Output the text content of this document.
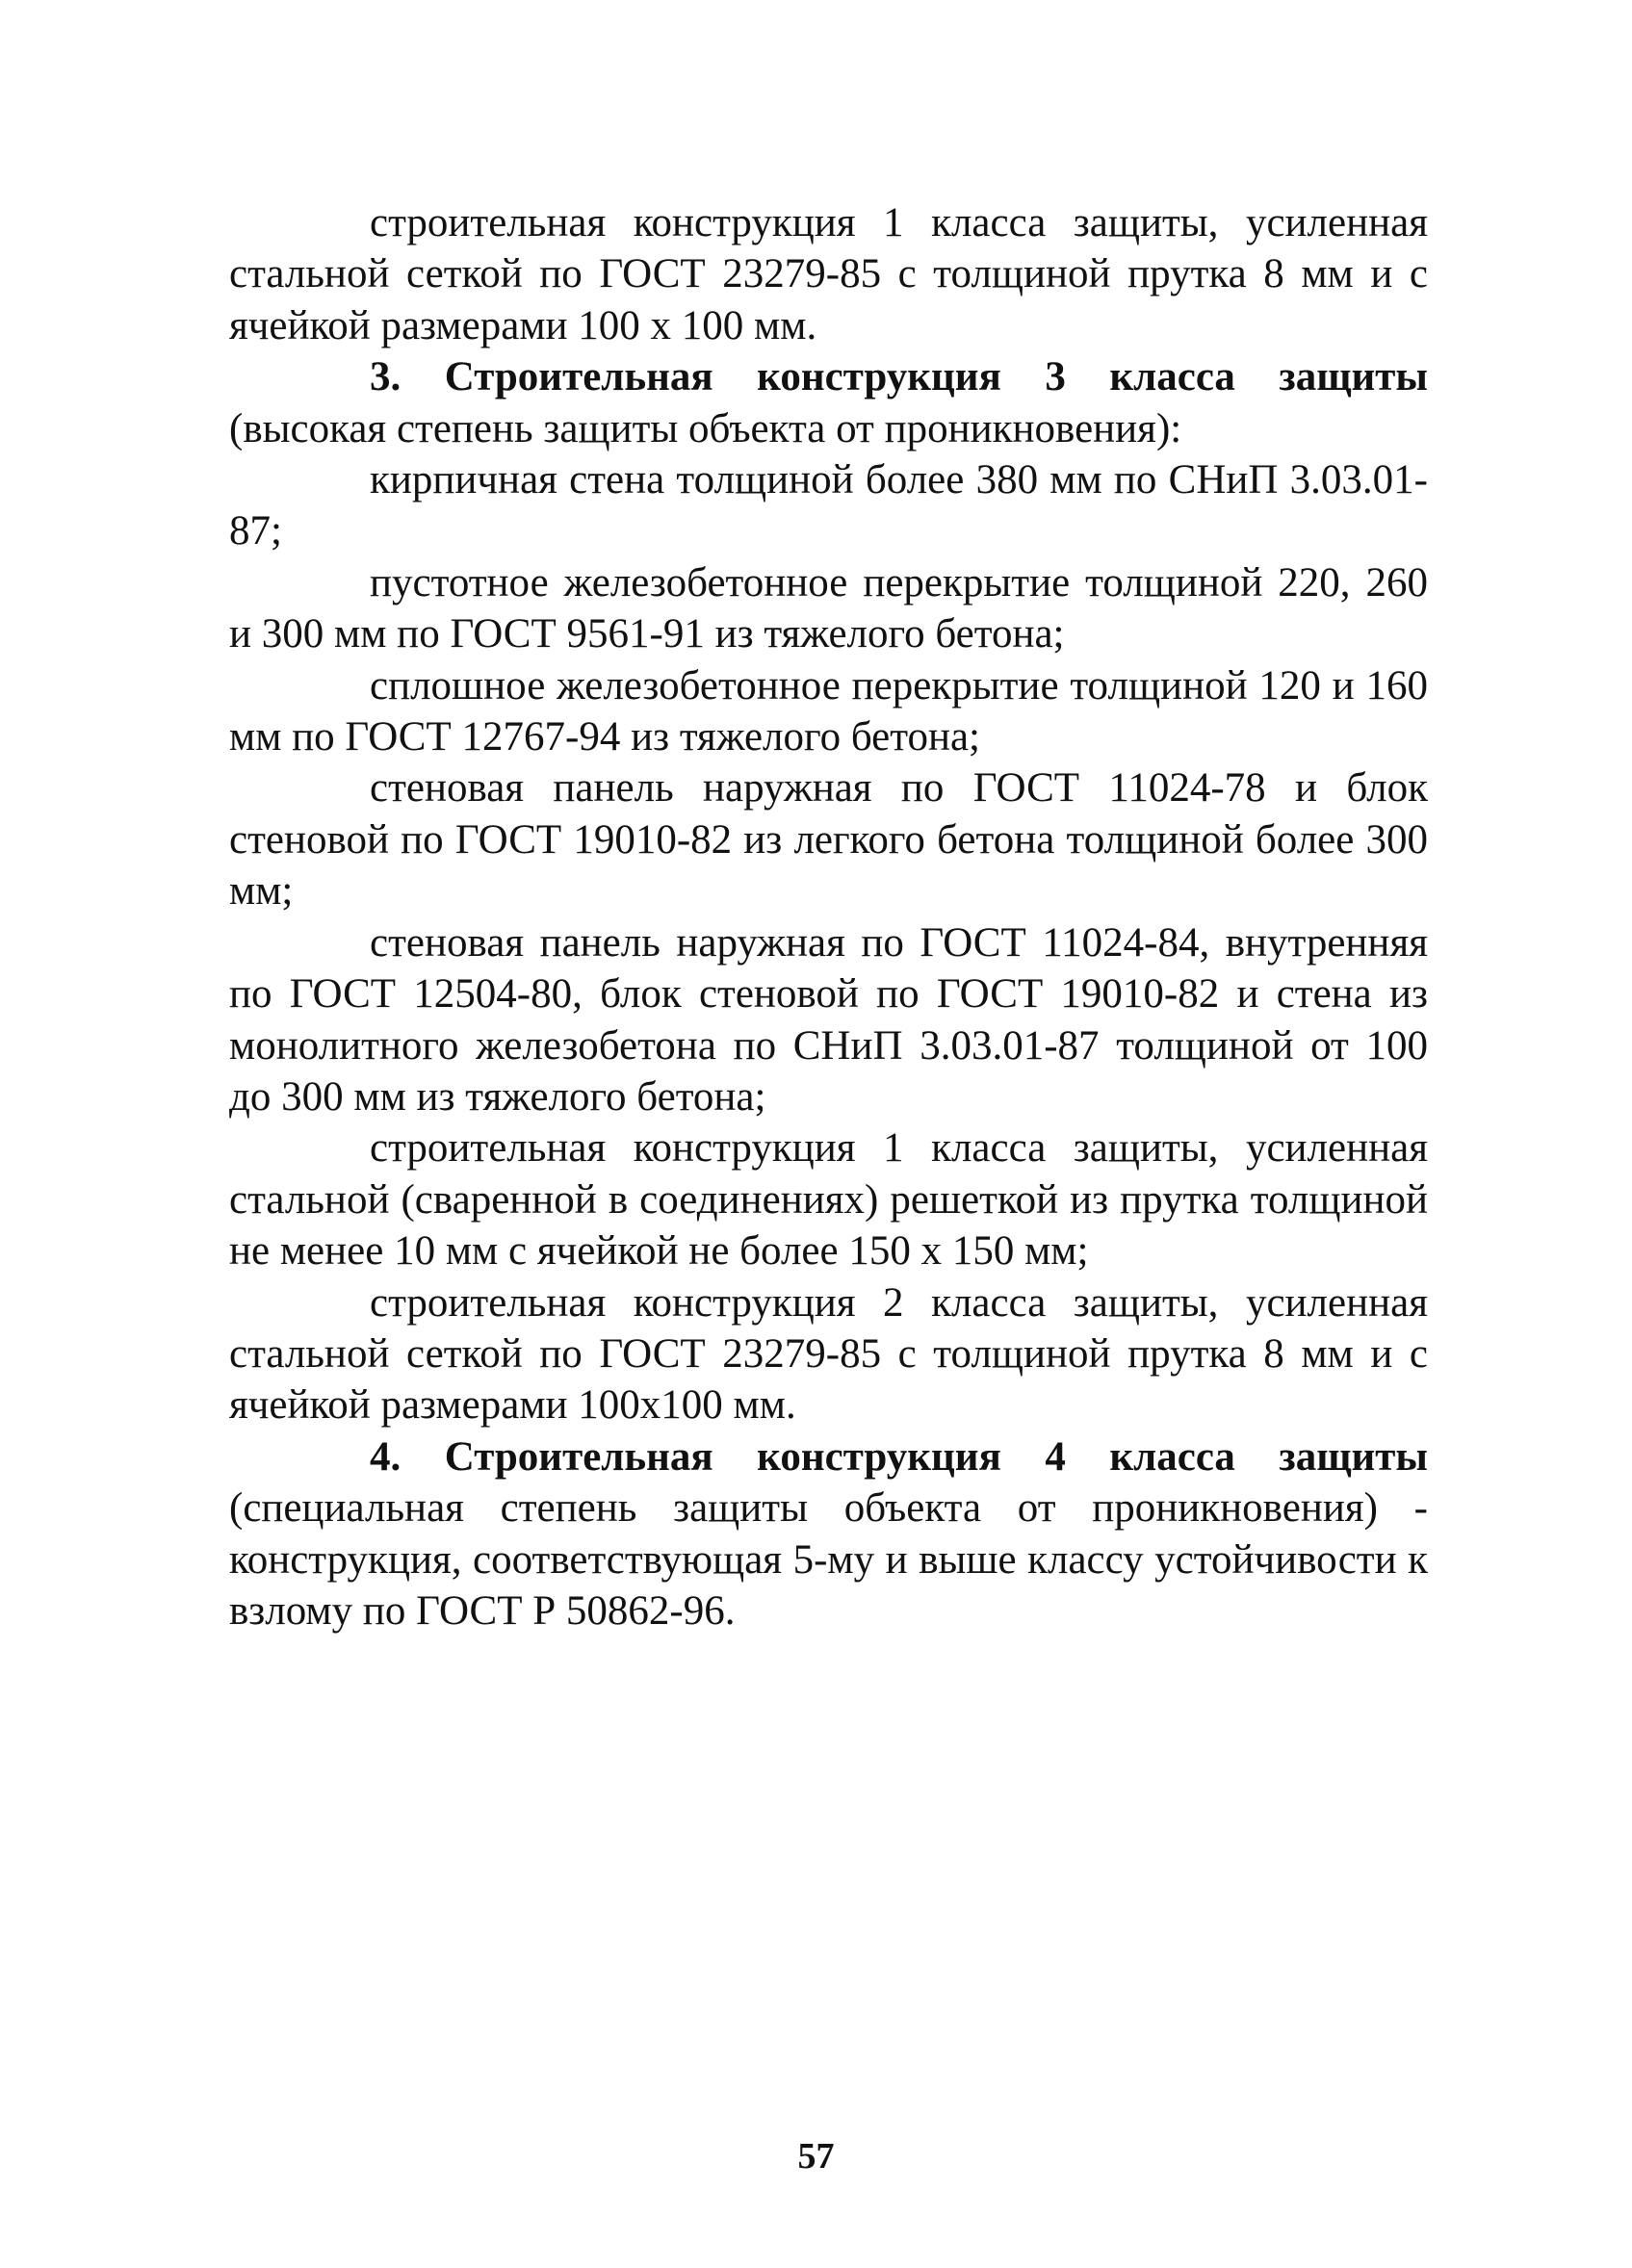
строительная конструкция 1 класса защиты, усиленная стальной сеткой по ГОСТ 23279-85 с толщиной прутка 8 мм и с ячейкой размерами 100 х 100 мм.

3. Строительная конструкция 3 класса защиты (высокая степень защиты объекта от проникновения):

кирпичная стена толщиной более 380 мм по СНиП 3.03.01-87;

пустотное железобетонное перекрытие толщиной 220, 260 и 300 мм по ГОСТ 9561-91 из тяжелого бетона;

сплошное железобетонное перекрытие толщиной 120 и 160 мм по ГОСТ 12767-94 из тяжелого бетона;

стеновая панель наружная по ГОСТ 11024-78 и блок стеновой по ГОСТ 19010-82 из легкого бетона толщиной более 300 мм;

стеновая панель наружная по ГОСТ 11024-84, внутренняя по ГОСТ 12504-80, блок стеновой по ГОСТ 19010-82 и стена из монолитного железобетона по СНиП 3.03.01-87 толщиной от 100 до 300 мм из тяжелого бетона;

строительная конструкция 1 класса защиты, усиленная стальной (сваренной в соединениях) решеткой из прутка толщиной не менее 10 мм с ячейкой не более 150 х 150 мм;

строительная конструкция 2 класса защиты, усиленная стальной сеткой по ГОСТ 23279-85 с толщиной прутка 8 мм и с ячейкой размерами 100х100 мм.

4. Строительная конструкция 4 класса защиты (специальная степень защиты объекта от проникновения) - конструкция, соответствующая 5-му и выше классу устойчивости к взлому по ГОСТ Р 50862-96.

57
